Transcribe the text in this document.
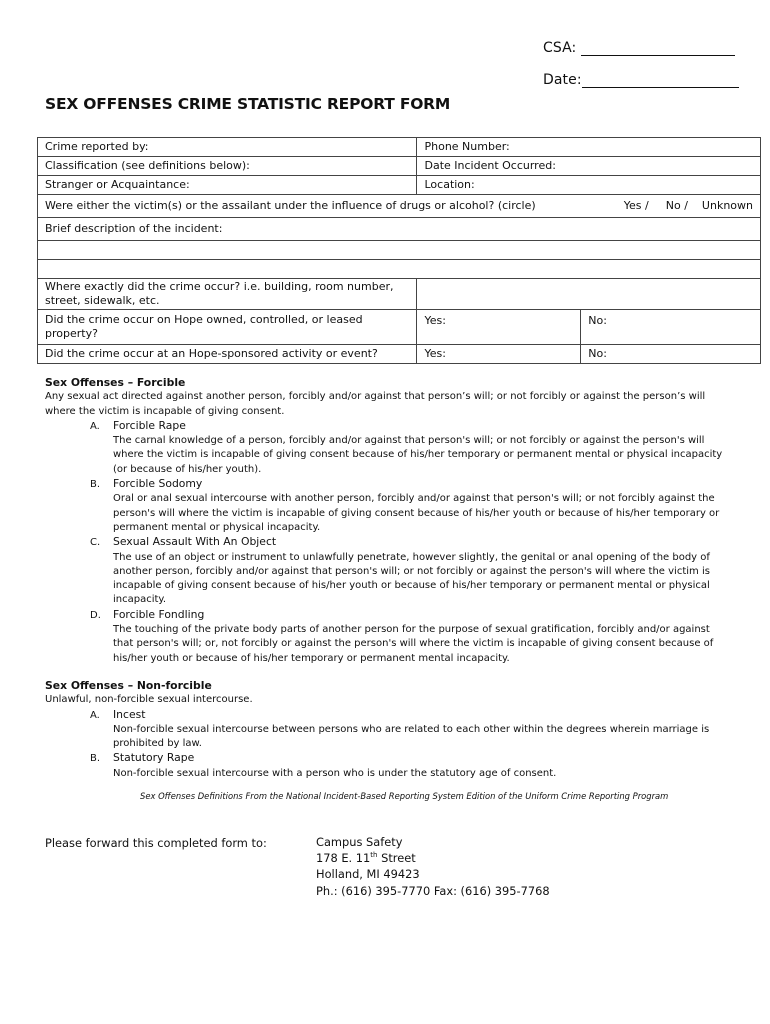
CSA:
Date:
SEX OFFENSES CRIME STATISTIC REPORT FORM
Crime reported by:	Phone Number:	
Classification (see definitions below):	Date Incident Occurred:	
Stranger or Acquaintance:	Location:	

Were either the victim(s) or the assailant under the influence of drugs or alcohol? (circle) Yes / No / Unknown		

Brief description of the incident:		

Where exactly did the crime occur? i.e. building, room number,
street, sidewalk, etc.		

Did the crime occur on Hope owned, controlled, or leased
property?	Yes:	No:
Did the crime occur at an Hope-sponsored activity or event?	Yes:	No:
Sex Offenses – Forcible
Any sexual act directed against another person, forcibly and/or against that person’s will; or not forcibly or against the person’s will where the victim is incapable of giving consent.
A. Forcible Rape
The carnal knowledge of a person, forcibly and/or against that person's will; or not forcibly or against the person's will where the victim is incapable of giving consent because of his/her temporary or permanent mental or physical incapacity (or because of his/her youth).
B. Forcible Sodomy
Oral or anal sexual intercourse with another person, forcibly and/or against that person's will; or not forcibly against the person's will where the victim is incapable of giving consent because of his/her youth or because of his/her temporary or permanent mental or physical incapacity.
C. Sexual Assault With An Object
The use of an object or instrument to unlawfully penetrate, however slightly, the genital or anal opening of the body of another person, forcibly and/or against that person's will; or not forcibly or against the person's will where the victim is incapable of giving consent because of his/her youth or because of his/her temporary or permanent mental or physical incapacity.
D. Forcible Fondling
The touching of the private body parts of another person for the purpose of sexual gratification, forcibly and/or against that person's will; or, not forcibly or against the person's will where the victim is incapable of giving consent because of his/her youth or because of his/her temporary or permanent mental incapacity.
Sex Offenses – Non-forcible
Unlawful, non-forcible sexual intercourse.
A. Incest
Non-forcible sexual intercourse between persons who are related to each other within the degrees wherein marriage is prohibited by law.
B. Statutory Rape
Non-forcible sexual intercourse with a person who is under the statutory age of consent.
Sex Offenses Definitions From the National Incident-Based Reporting System Edition of the Uniform Crime Reporting Program
Please forward this completed form to:	Campus Safety
178 E. 11th Street
Holland, MI 49423
Ph.: (616) 395-7770 Fax: (616) 395-7768
